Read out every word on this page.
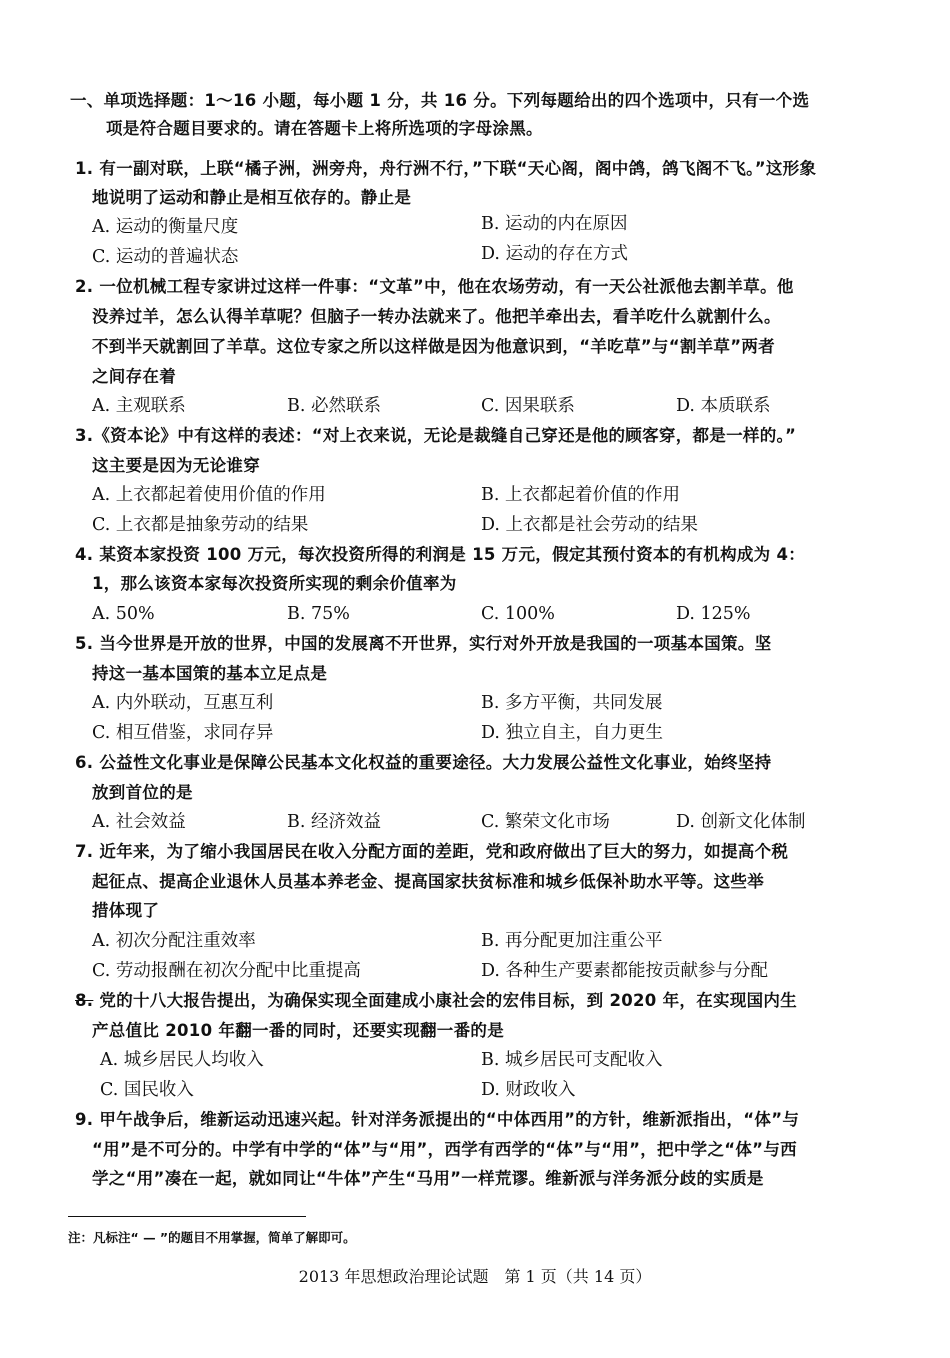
一、单项选择题：1～16 小题，每小题 1 分，共 16 分。下列每题给出的四个选项中，只有一个选
项是符合题目要求的。请在答题卡上将所选项的字母涂黑。
1. 有一副对联，上联“橘子洲，洲旁舟，舟行洲不行，”下联“天心阁，阁中鸽，鸽飞阁不飞。”这形象
地说明了运动和静止是相互依存的。静止是
A. 运动的衡量尺度	B. 运动的内在原因
C. 运动的普遍状态	D. 运动的存在方式
2. 一位机械工程专家讲过这样一件事：“文革”中，他在农场劳动，有一天公社派他去割羊草。他
没养过羊，怎么认得羊草呢？但脑子一转办法就来了。他把羊牵出去，看羊吃什么就割什么。
不到半天就割回了羊草。这位专家之所以这样做是因为他意识到，“羊吃草”与“割羊草”两者
之间存在着
A. 主观联系	B. 必然联系	C. 因果联系	D. 本质联系
3.《资本论》中有这样的表述：“对上衣来说，无论是裁缝自己穿还是他的顾客穿，都是一样的。”
这主要是因为无论谁穿
A. 上衣都起着使用价值的作用	B. 上衣都起着价值的作用
C. 上衣都是抽象劳动的结果	D. 上衣都是社会劳动的结果
4. 某资本家投资 100 万元，每次投资所得的利润是 15 万元，假定其预付资本的有机构成为 4：
1，那么该资本家每次投资所实现的剩余价值率为
A. 50%	B. 75%	C. 100%	D. 125%
5. 当今世界是开放的世界，中国的发展离不开世界，实行对外开放是我国的一项基本国策。坚
持这一基本国策的基本立足点是
A. 内外联动，互惠互利	B. 多方平衡，共同发展
C. 相互借鉴，求同存异	D. 独立自主，自力更生
6. 公益性文化事业是保障公民基本文化权益的重要途径。大力发展公益性文化事业，始终坚持
放到首位的是
A. 社会效益	B. 经济效益	C. 繁荣文化市场	D. 创新文化体制
7. 近年来，为了缩小我国居民在收入分配方面的差距，党和政府做出了巨大的努力，如提高个税
起征点、提高企业退休人员基本养老金、提高国家扶贫标准和城乡低保补助水平等。这些举
措体现了
A. 初次分配注重效率	B. 再分配更加注重公平
C. 劳动报酬在初次分配中比重提高	D. 各种生产要素都能按贡献参与分配
8. 党的十八大报告提出，为确保实现全面建成小康社会的宏伟目标，到 2020 年，在实现国内生
产总值比 2010 年翻一番的同时，还要实现翻一番的是
A. 城乡居民人均收入	B. 城乡居民可支配收入
C. 国民收入	D. 财政收入
9. 甲午战争后，维新运动迅速兴起。针对洋务派提出的“中体西用”的方针，维新派指出，“体”与
“用”是不可分的。中学有中学的“体”与“用”，西学有西学的“体”与“用”，把中学之“体”与西
学之“用”凑在一起，就如同让“牛体”产生“马用”一样荒谬。维新派与洋务派分歧的实质是
注：凡标注“ — ”的题目不用掌握，简单了解即可。
2013 年思想政治理论试题　第 1 页（共 14 页）
